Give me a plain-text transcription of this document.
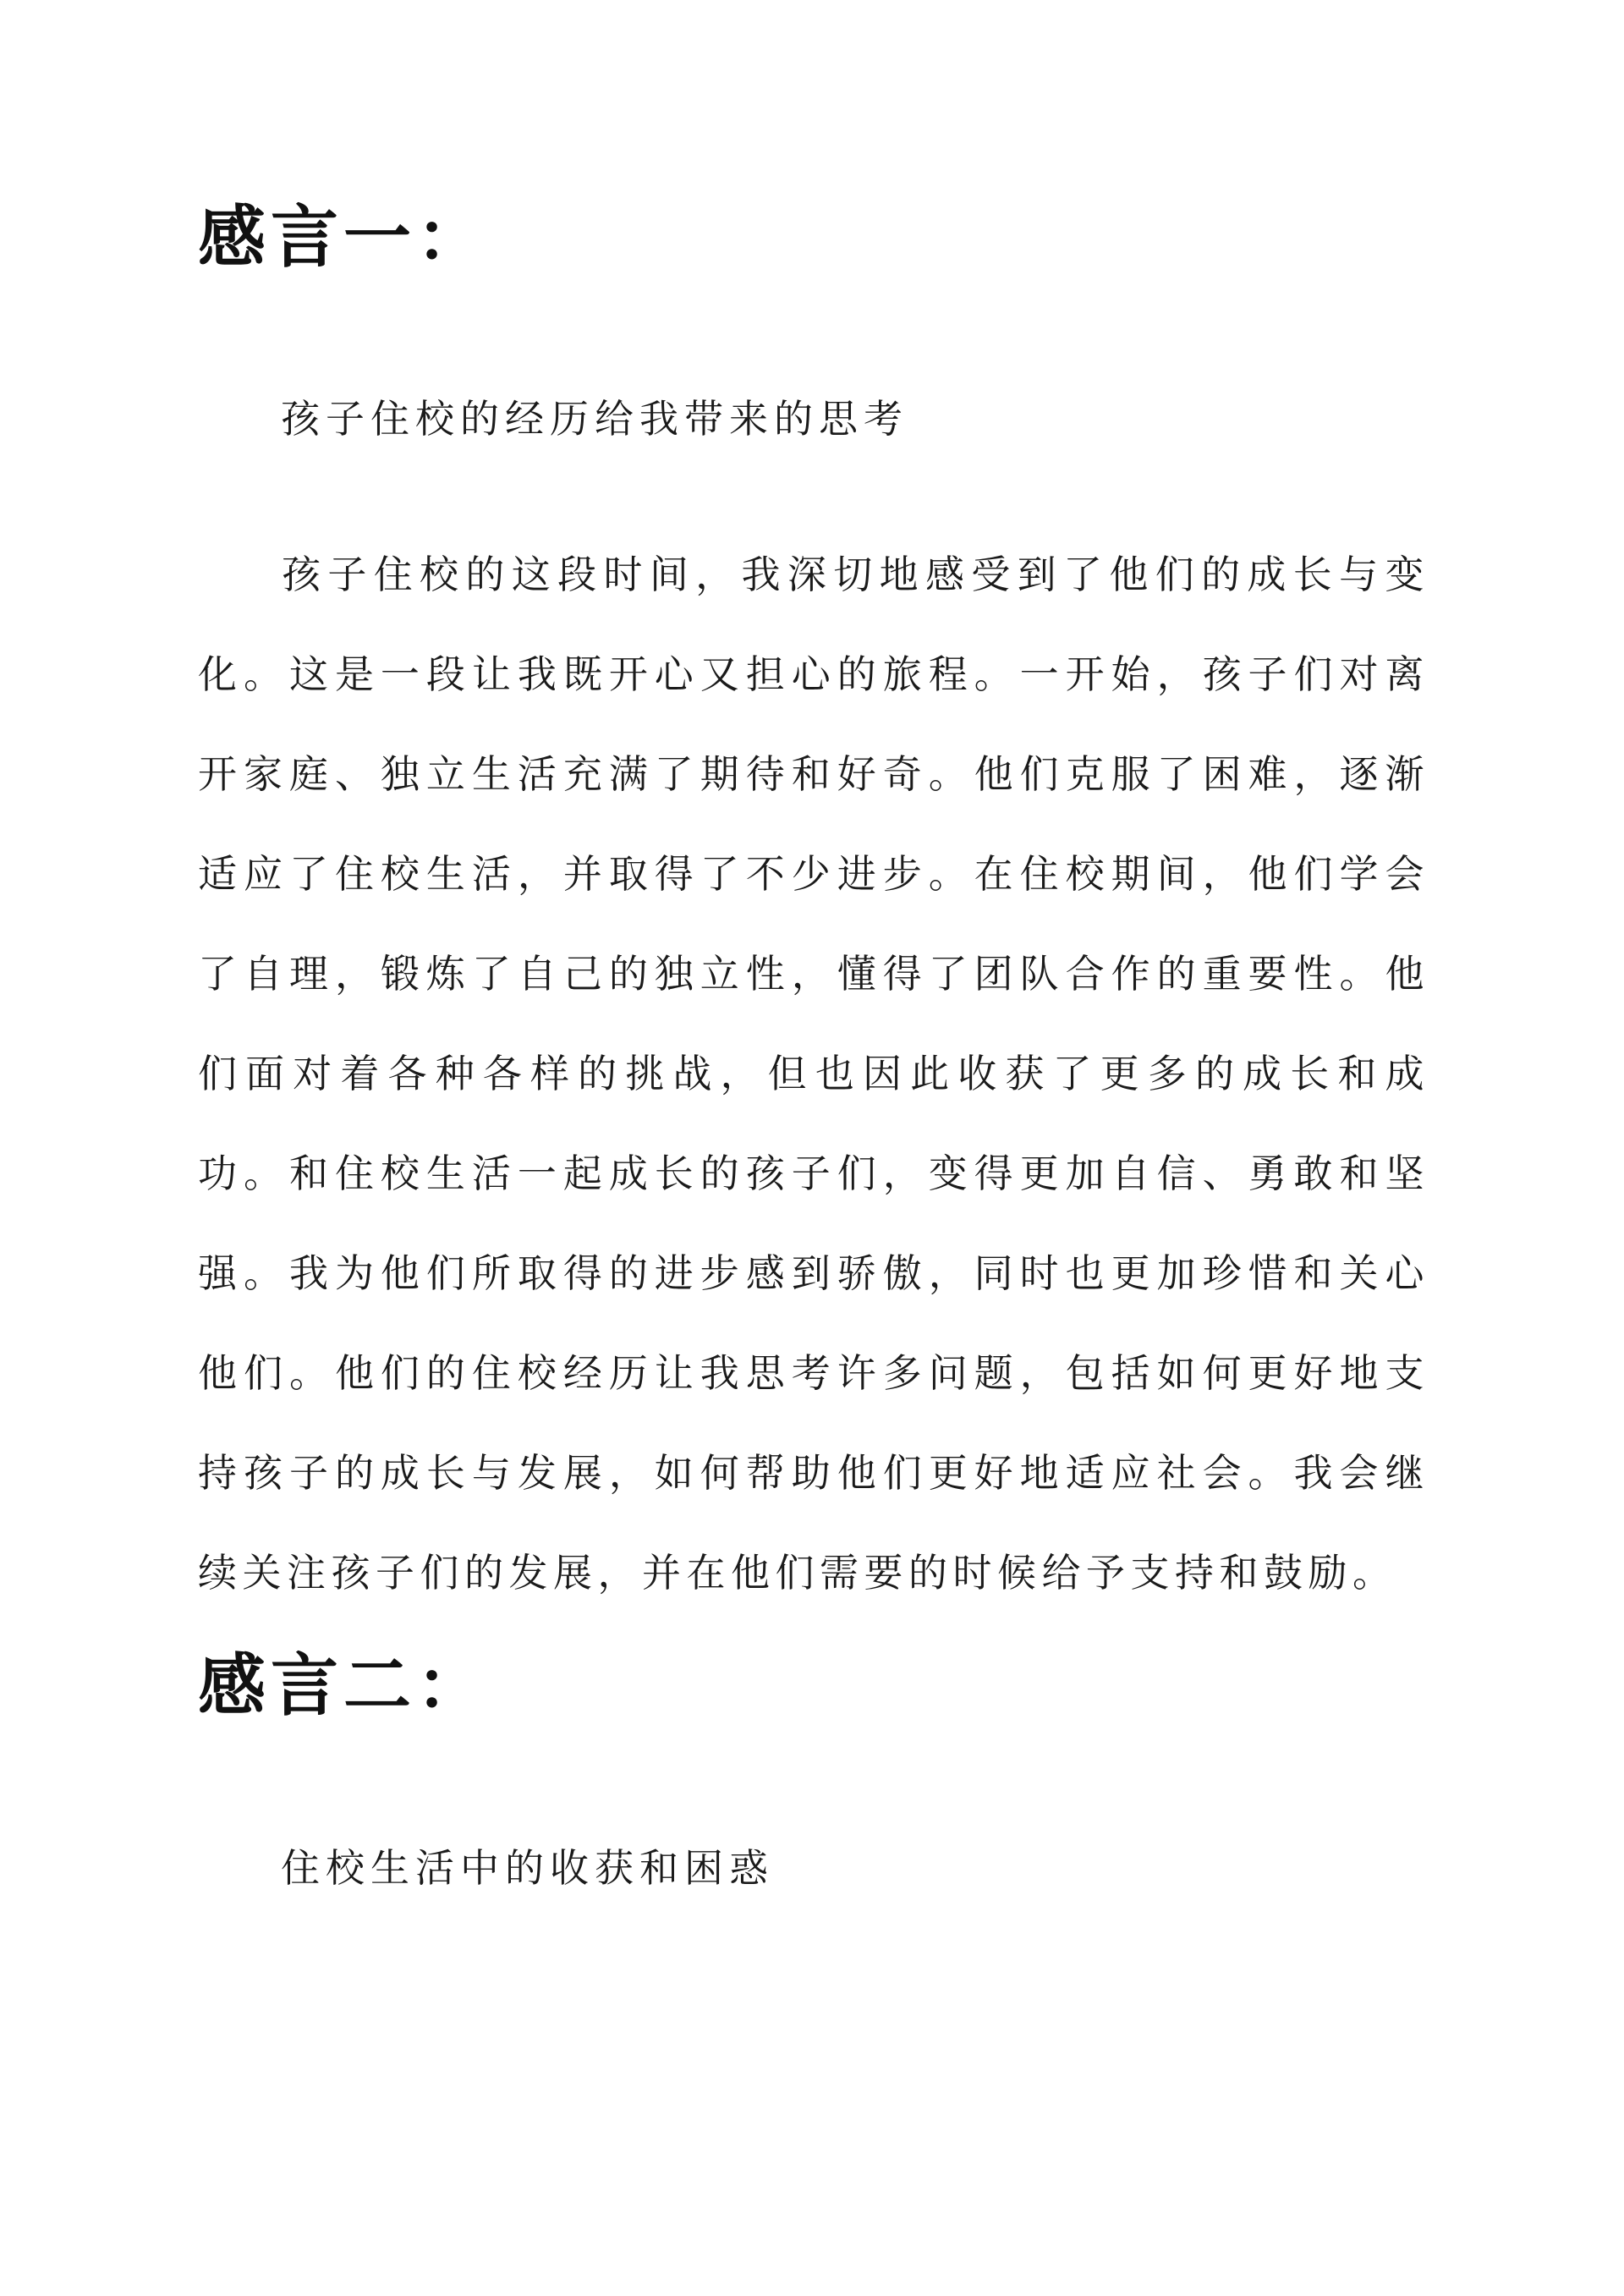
感言一：

孩子住校的经历给我带来的思考

孩子住校的这段时间，我深切地感受到了他们的成长与变化。这是一段让我既开心又担心的旅程。一开始，孩子们对离开家庭、独立生活充满了期待和好奇。他们克服了困难，逐渐适应了住校生活，并取得了不少进步。在住校期间，他们学会了自理，锻炼了自己的独立性，懂得了团队合作的重要性。他们面对着各种各样的挑战，但也因此收获了更多的成长和成功。和住校生活一起成长的孩子们，变得更加自信、勇敢和坚强。我为他们所取得的进步感到骄傲，同时也更加珍惜和关心他们。他们的住校经历让我思考许多问题，包括如何更好地支持孩子的成长与发展，如何帮助他们更好地适应社会。我会继续关注孩子们的发展，并在他们需要的时候给予支持和鼓励。

感言二：

住校生活中的收获和困惑
